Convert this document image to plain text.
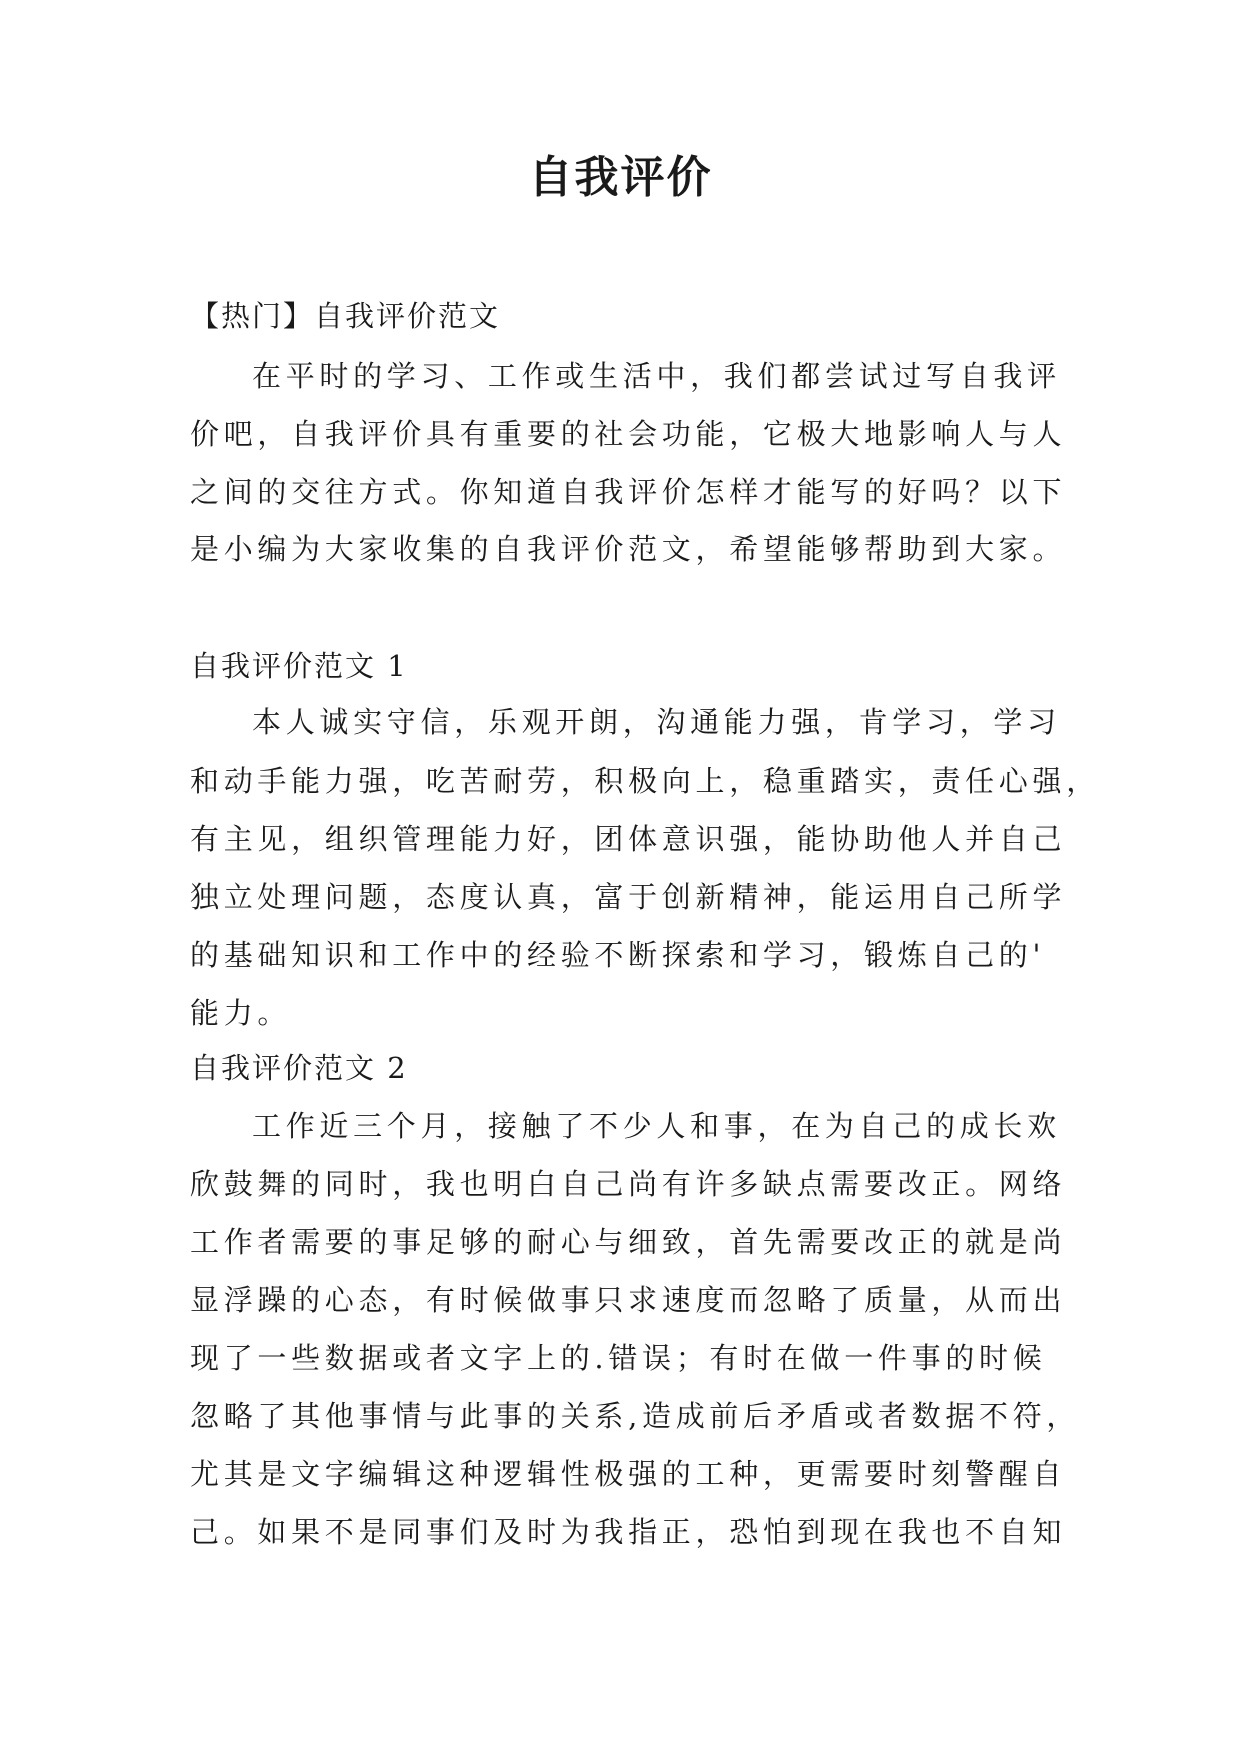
自我评价

【热门】自我评价范文

在平时的学习、工作或生活中，我们都尝试过写自我评

价吧，自我评价具有重要的社会功能，它极大地影响人与人

之间的交往方式。你知道自我评价怎样才能写的好吗？以下

是小编为大家收集的自我评价范文，希望能够帮助到大家。

自我评价范文 1

本人诚实守信，乐观开朗，沟通能力强，肯学习，学习

和动手能力强，吃苦耐劳，积极向上，稳重踏实，责任心强，

有主见，组织管理能力好，团体意识强，能协助他人并自己

独立处理问题，态度认真，富于创新精神，能运用自己所学

的基础知识和工作中的经验不断探索和学习，锻炼自己的'

能力。

自我评价范文 2

工作近三个月，接触了不少人和事，在为自己的成长欢

欣鼓舞的同时，我也明白自己尚有许多缺点需要改正。网络

工作者需要的事足够的耐心与细致，首先需要改正的就是尚

显浮躁的心态，有时候做事只求速度而忽略了质量，从而出

现了一些数据或者文字上的.错误；有时在做一件事的时候

忽略了其他事情与此事的关系,造成前后矛盾或者数据不符，

尤其是文字编辑这种逻辑性极强的工种，更需要时刻警醒自

己。如果不是同事们及时为我指正，恐怕到现在我也不自知
